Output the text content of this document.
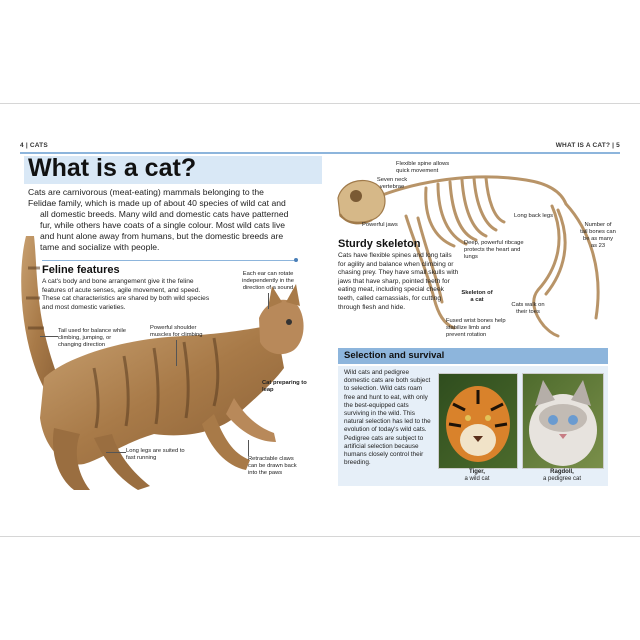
4 | CATS	WHAT IS A CAT? | 5
What is a cat?
Cats are carnivorous (meat-eating) mammals belonging to the
Felidae family, which is made up of about 40 species of wild cat and
all domestic breeds. Many wild and domestic cats have patterned
fur, while others have coats of a single colour. Most wild cats live
and hunt alone away from humans, but the domestic breeds are
tame and socialize with people.
Feline features
A cat's body and bone arrangement give it the feline features of acute senses, agile movement, and speed. These cat characteristics are shared by both wild species and most domestic varieties.
Tail used for balance while climbing, jumping, or changing direction
Powerful shoulder muscles for climbing
Each ear can rotate independently in the direction of a sound
Cat preparing to leap
Long legs are suited to fast running	Retractable claws can be drawn back into the paws
Flexible spine allows quick movement
Seven neck vertebrae
Powerful jaws
Deep, powerful ribcage protects the heart and lungs
Skeleton of a cat
Fused wrist bones help stabilize limb and prevent rotation
Long back legs
Number of tail bones can be as many as 23
Cats walk on their toes
Sturdy skeleton
Cats have flexible spines and long tails for agility and balance when climbing or chasing prey. They have small skulls with jaws that have sharp, pointed teeth for eating meat, including special cheek teeth, called carnassials, for cutting through flesh and hide.
Selection and survival
Wild cats and pedigree domestic cats are both subject to selection. Wild cats roam free and hunt to eat, with only the best-equipped cats surviving in the wild. This natural selection has led to the evolution of today's wild cats. Pedigree cats are subject to artificial selection because humans closely control their breeding.
Tiger,
a wild cat
Ragdoll,
a pedigree cat
